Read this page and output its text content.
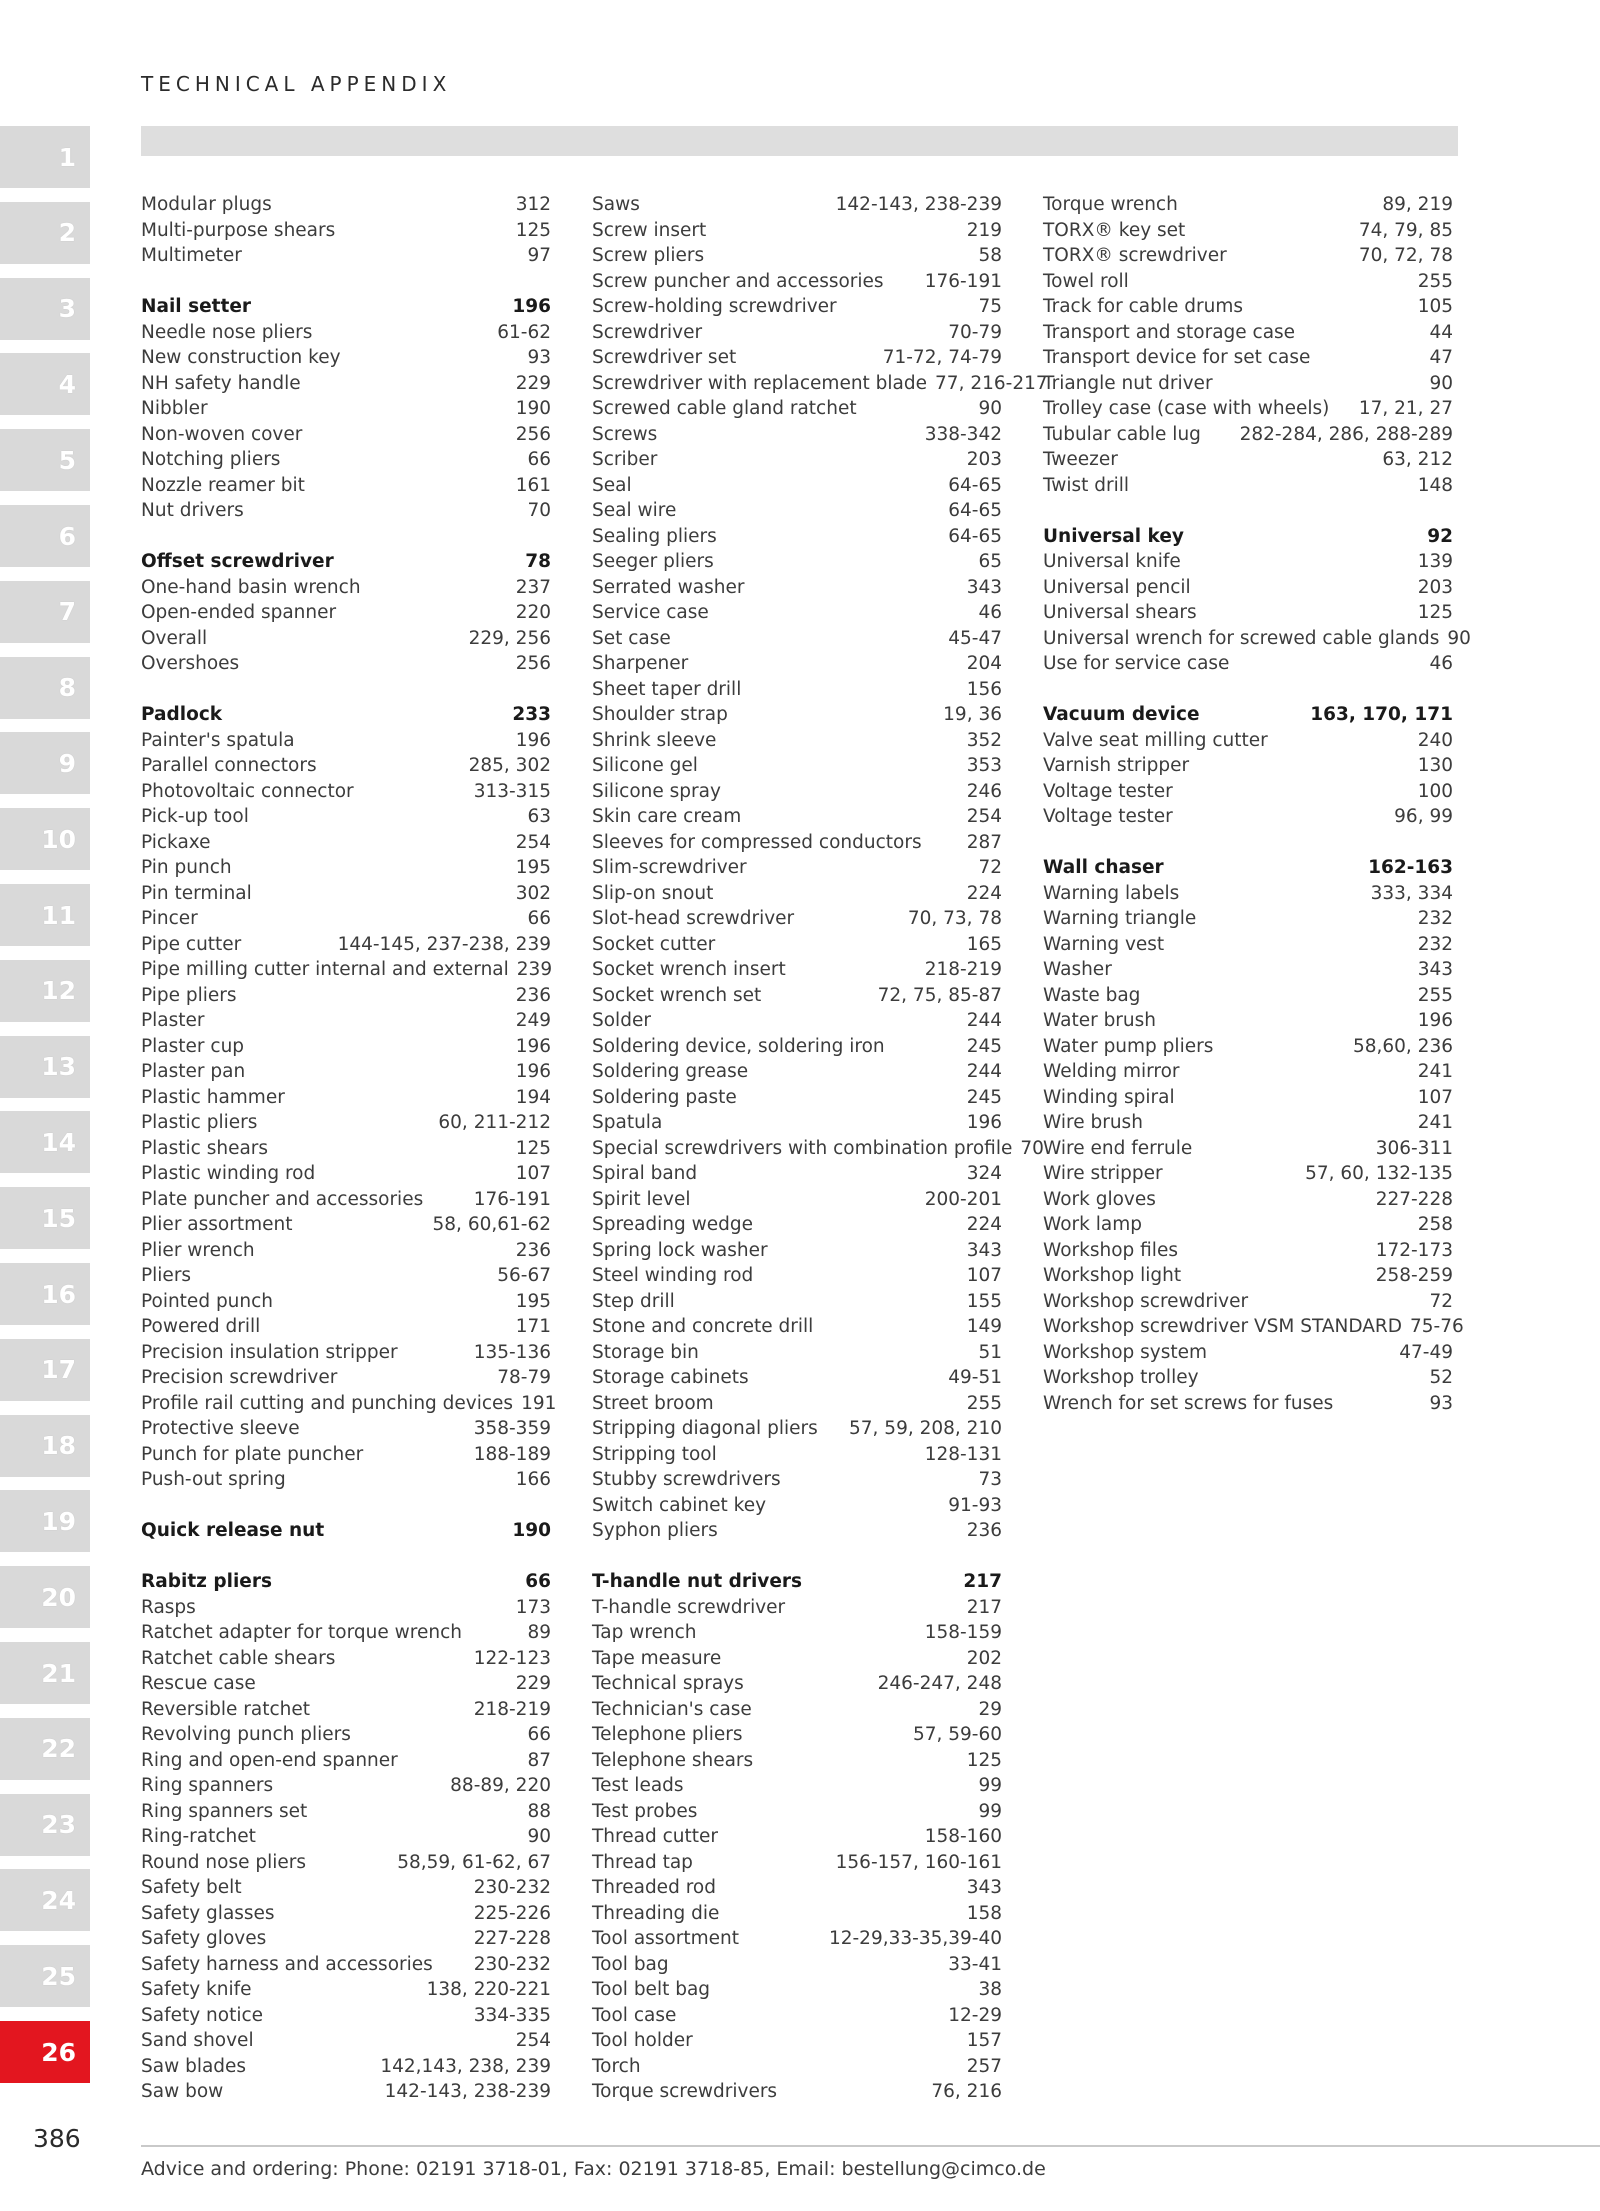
TECHNICAL APPENDIX
1
2
3
4
5
6
7
8
9
10
11
12
13
14
15
16
17
18
19
20
21
22
23
24
25
26
Modular plugs	312
Multi-purpose shears	125
Multimeter	97
Nail setter	196
Needle nose pliers	61-62
New construction key	93
NH safety handle	229
Nibbler	190
Non-woven cover	256
Notching pliers	66
Nozzle reamer bit	161
Nut drivers	70
Offset screwdriver	78
One-hand basin wrench	237
Open-ended spanner	220
Overall	229, 256
Overshoes	256
Padlock	233
Painter's spatula	196
Parallel connectors	285, 302
Photovoltaic connector	313-315
Pick-up tool	63
Pickaxe	254
Pin punch	195
Pin terminal	302
Pincer	66
Pipe cutter	144-145, 237-238, 239
Pipe milling cutter internal and external 239
Pipe pliers	236
Plaster	249
Plaster cup	196
Plaster pan	196
Plastic hammer	194
Plastic pliers	60, 211-212
Plastic shears	125
Plastic winding rod	107
Plate puncher and accessories	176-191
Plier assortment	58, 60,61-62
Plier wrench	236
Pliers	56-67
Pointed punch	195
Powered drill	171
Precision insulation stripper	135-136
Precision screwdriver	78-79
Profile rail cutting and punching devices 191
Protective sleeve	358-359
Punch for plate puncher	188-189
Push-out spring	166
Quick release nut	190
Rabitz pliers	66
Rasps	173
Ratchet adapter for torque wrench	89
Ratchet cable shears	122-123
Rescue case	229
Reversible ratchet	218-219
Revolving punch pliers	66
Ring and open-end spanner	87
Ring spanners	88-89, 220
Ring spanners set	88
Ring-ratchet	90
Round nose pliers	58,59, 61-62, 67
Safety belt	230-232
Safety glasses	225-226
Safety gloves	227-228
Safety harness and accessories	230-232
Safety knife	138, 220-221
Safety notice	334-335
Sand shovel	254
Saw blades	142,143, 238, 239
Saw bow	142-143, 238-239
Saws	142-143, 238-239
Screw insert	219
Screw pliers	58
Screw puncher and accessories	176-191
Screw-holding screwdriver	75
Screwdriver	70-79
Screwdriver set	71-72, 74-79
Screwdriver with replacement blade 77, 216-217
Screwed cable gland ratchet	90
Screws	338-342
Scriber	203
Seal	64-65
Seal wire	64-65
Sealing pliers	64-65
Seeger pliers	65
Serrated washer	343
Service case	46
Set case	45-47
Sharpener	204
Sheet taper drill	156
Shoulder strap	19, 36
Shrink sleeve	352
Silicone gel	353
Silicone spray	246
Skin care cream	254
Sleeves for compressed conductors	287
Slim-screwdriver	72
Slip-on snout	224
Slot-head screwdriver	70, 73, 78
Socket cutter	165
Socket wrench insert	218-219
Socket wrench set	72, 75, 85-87
Solder	244
Soldering device, soldering iron	245
Soldering grease	244
Soldering paste	245
Spatula	196
Special screwdrivers with combination profile 70
Spiral band	324
Spirit level	200-201
Spreading wedge	224
Spring lock washer	343
Steel winding rod	107
Step drill	155
Stone and concrete drill	149
Storage bin	51
Storage cabinets	49-51
Street broom	255
Stripping diagonal pliers	57, 59, 208, 210
Stripping tool	128-131
Stubby screwdrivers	73
Switch cabinet key	91-93
Syphon pliers	236
T-handle nut drivers	217
T-handle screwdriver	217
Tap wrench	158-159
Tape measure	202
Technical sprays	246-247, 248
Technician's case	29
Telephone pliers	57, 59-60
Telephone shears	125
Test leads	99
Test probes	99
Thread cutter	158-160
Thread tap	156-157, 160-161
Threaded rod	343
Threading die	158
Tool assortment	12-29,33-35,39-40
Tool bag	33-41
Tool belt bag	38
Tool case	12-29
Tool holder	157
Torch	257
Torque screwdrivers	76, 216
Torque wrench	89, 219
TORX® key set	74, 79, 85
TORX® screwdriver	70, 72, 78
Towel roll	255
Track for cable drums	105
Transport and storage case	44
Transport device for set case	47
Triangle nut driver	90
Trolley case (case with wheels)	17, 21, 27
Tubular cable lug	282-284, 286, 288-289
Tweezer	63, 212
Twist drill	148
Universal key	92
Universal knife	139
Universal pencil	203
Universal shears	125
Universal wrench for screwed cable glands 90
Use for service case	46
Vacuum device	163, 170, 171
Valve seat milling cutter	240
Varnish stripper	130
Voltage tester	100
Voltage tester	96, 99
Wall chaser	162-163
Warning labels	333, 334
Warning triangle	232
Warning vest	232
Washer	343
Waste bag	255
Water brush	196
Water pump pliers	58,60, 236
Welding mirror	241
Winding spiral	107
Wire brush	241
Wire end ferrule	306-311
Wire stripper	57, 60, 132-135
Work gloves	227-228
Work lamp	258
Workshop files	172-173
Workshop light	258-259
Workshop screwdriver	72
Workshop screwdriver VSM STANDARD 75-76
Workshop system	47-49
Workshop trolley	52
Wrench for set screws for fuses	93
386
Advice and ordering: Phone: 02191 3718-01, Fax: 02191 3718-85, Email: bestellung@cimco.de
